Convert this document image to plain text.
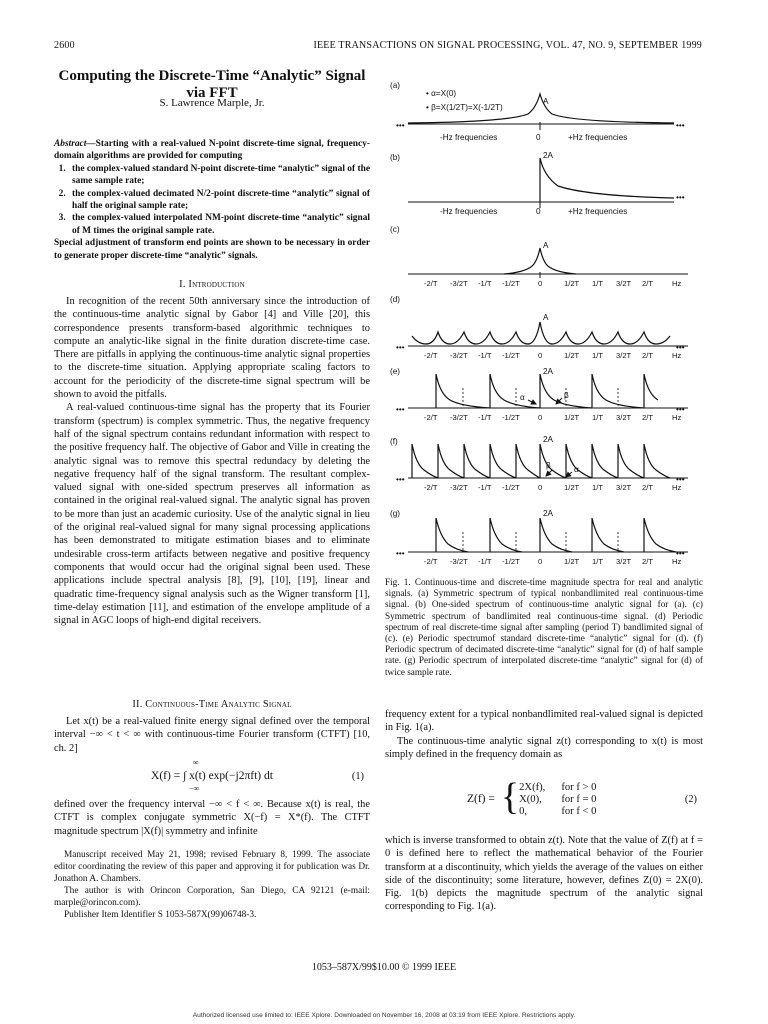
2600	IEEE TRANSACTIONS ON SIGNAL PROCESSING, VOL. 47, NO. 9, SEPTEMBER 1999
Computing the Discrete-Time “Analytic” Signal via FFT
S. Lawrence Marple, Jr.

Abstract—Starting with a real-valued N-point discrete-time signal, frequency-domain algorithms are provided for computing

1. the complex-valued standard N-point discrete-time “analytic” signal of the same sample rate;
2. the complex-valued decimated N/2-point discrete-time “analytic” signal of half the original sample rate;
3. the complex-valued interpolated NM-point discrete-time “analytic” signal of M times the original sample rate.

Special adjustment of transform end points are shown to be necessary in order to generate proper discrete-time “analytic” signals.

I. Introduction

In recognition of the recent 50th anniversary since the introduction of the continuous-time analytic signal by Gabor [4] and Ville [20], this correspondence presents transform-based algorithmic techniques to compute an analytic-like signal in the finite duration discrete-time case. There are pitfalls in applying the continuous-time analytic signal properties to the discrete-time situation. Applying appropriate scaling factors to account for the periodicity of the discrete-time signal spectrum will be shown to avoid the pitfalls.

A real-valued continuous-time signal has the property that its Fourier transform (spectrum) is complex symmetric. Thus, the negative frequency half of the signal spectrum contains redundant information with respect to the positive frequency half. The objective of Gabor and Ville in creating the analytic signal was to remove this spectral redundacy by deleting the negative frequency half of the signal transform. The resultant complex-valued signal with one-sided spectrum preserves all information as contained in the original real-valued signal. The analytic signal has proven to be more than just an academic curiosity. Use of the analytic signal in lieu of the original real-valued signal for many signal processing applications has been demonstrated to mitigate estimation biases and to eliminate undesirable cross-term artifacts between negative and positive frequency components that would occur had the original signal been used. These applications include spectral analysis [8], [9], [10], [19], linear and quadratic time-frequency signal analysis such as the Wigner transform [1], time-delay estimation [11], and estimation of the envelope amplitude of a signal in AGC loops of high-end digital receivers.

II. Continuous-Time Analytic Signal

Let x(t) be a real-valued finite energy signal defined over the temporal interval −∞ < t < ∞ with continuous-time Fourier transform (CTFT) [10, ch. 2]

X(f) = ∫ x(t) exp(−j2πft) dt
∞
−∞
(1)

defined over the frequency interval −∞ < f < ∞. Because x(t) is real, the CTFT is complex conjugate symmetric X(−f) = X*(f). The CTFT magnitude spectrum |X(f)| symmetry and infinite

Manuscript received May 21, 1998; revised February 8, 1999. The associate editor coordinating the review of this paper and approving it for publication was Dr. Jonathon A. Chambers.

The author is with Orincon Corporation, San Diego, CA 92121 (e-mail: marple@orincon.com).

Publisher Item Identifier S 1053-587X(99)06748-3.

(a)
(b)
(c)
(d)
(e)
(f)
(g)
• α=X(0)
• β=X(1/2T)=X(-1/2T)
A
2A
A
A
2A
2A
2A
α	β
β	α
-Hz frequencies	0	+Hz frequencies
-Hz frequencies	0	+Hz frequencies
•••	•••
•••
•••	•••
•••	•••
•••	•••
•••	•••
-2/T -3/2T -1/T -1/2T 0	1/2T 1/T 3/2T 2/T	Hz
-2/T -3/2T -1/T -1/2T 0	1/2T 1/T 3/2T 2/T	Hz
-2/T -3/2T -1/T -1/2T 0	1/2T 1/T 3/2T 2/T	Hz
-2/T -3/2T -1/T -1/2T 0	1/2T 1/T 3/2T 2/T	Hz
-2/T -3/2T -1/T -1/2T 0	1/2T 1/T 3/2T 2/T	Hz
Fig. 1. Continuous-time and discrete-time magnitude spectra for real and analytic signals. (a) Symmetric spectrum of typical nonbandlimited real continuous-time signal. (b) One-sided spectrum of continuous-time analytic signal for (a). (c) Symmetric spectrum of bandlimited real continuous-time signal. (d) Periodic spectrum of real discrete-time signal after sampling (period T) bandlimited signal of (c). (e) Periodic spectrumof standard discrete-time “analytic” signal for (d). (f) Periodic spectrum of decimated discrete-time “analytic” signal for (d) of half sample rate. (g) Periodic spectrum of interpolated discrete-time “analytic” signal for (d) of twice sample rate.

frequency extent for a typical nonbandlimited real-valued signal is depicted in Fig. 1(a).

The continuous-time analytic signal z(t) corresponding to x(t) is most simply defined in the frequency domain as

Z(f) = { 2X(f), for f > 0
X(0),	for f = 0
0,	for f < 0
(2)

which is inverse transformed to obtain z(t). Note that the value of Z(f) at f = 0 is defined here to reflect the mathematical behavior of the Fourier transform at a discontinuity, which yields the average of the values on either side of the discontinuity; some literature, however, defines Z(0) = 2X(0). Fig. 1(b) depicts the magnitude spectrum of the analytic signal corresponding to Fig. 1(a).

1053–587X/99$10.00 © 1999 IEEE
Authorized licensed use limited to: IEEE Xplore. Downloaded on November 16, 2008 at 03:19 from IEEE Xplore. Restrictions apply.
